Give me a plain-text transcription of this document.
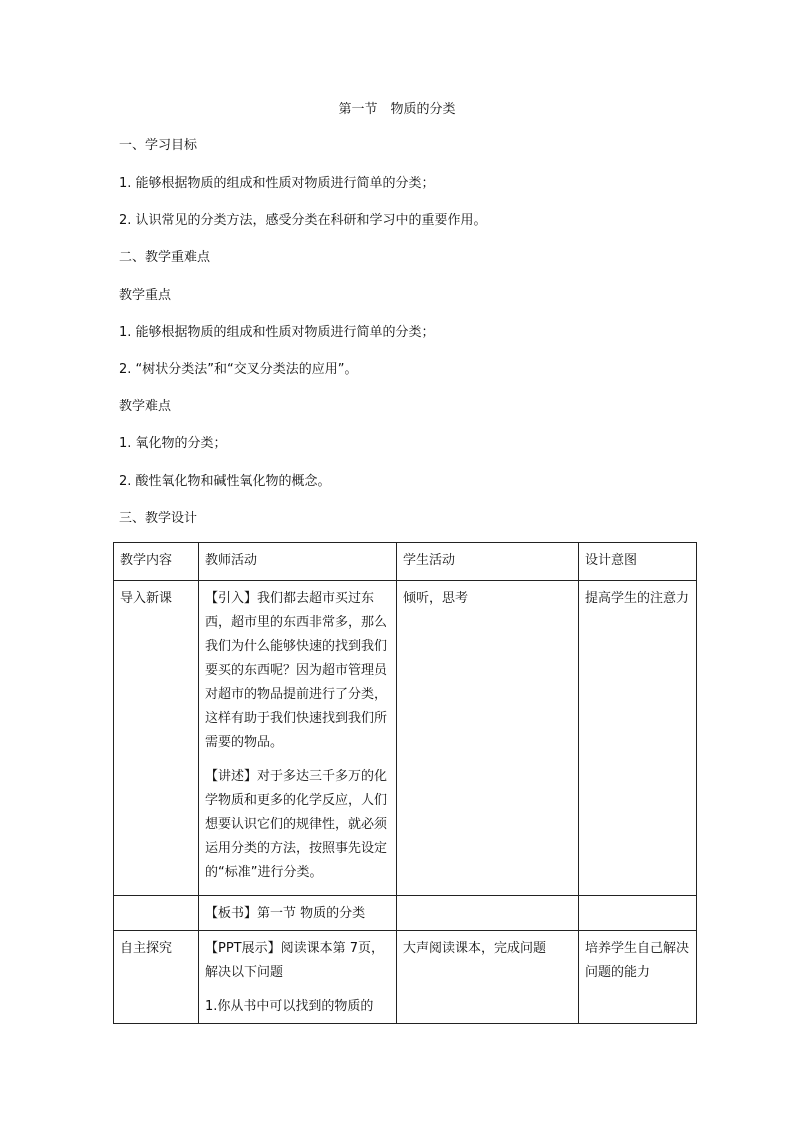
第一节　物质的分类
一、学习目标
1. 能够根据物质的组成和性质对物质进行简单的分类；
2. 认识常见的分类方法，感受分类在科研和学习中的重要作用。
二、教学重难点
教学重点
1. 能够根据物质的组成和性质对物质进行简单的分类；
2. “树状分类法”和“交叉分类法的应用”。
教学难点
1. 氧化物的分类；
2. 酸性氧化物和碱性氧化物的概念。
三、教学设计
教学内容	教师活动	学生活动	设计意图
导入新课	【引入】我们都去超市买过东西，超市里的东西非常多，那么我们为什么能够快速的找到我们要买的东西呢？因为超市管理员对超市的物品提前进行了分类，这样有助于我们快速找到我们所需要的物品。

【讲述】对于多达三千多万的化学物质和更多的化学反应，人们想要认识它们的规律性，就必须运用分类的方法，按照事先设定的“标准”进行分类。	倾听，思考	提高学生的注意力
	【板书】第一节 物质的分类		
自主探究	【PPT展示】阅读课本第 7页，解决以下问题

1.你从书中可以找到的物质的	大声阅读课本，完成问题	培养学生自己解决问题的能力
